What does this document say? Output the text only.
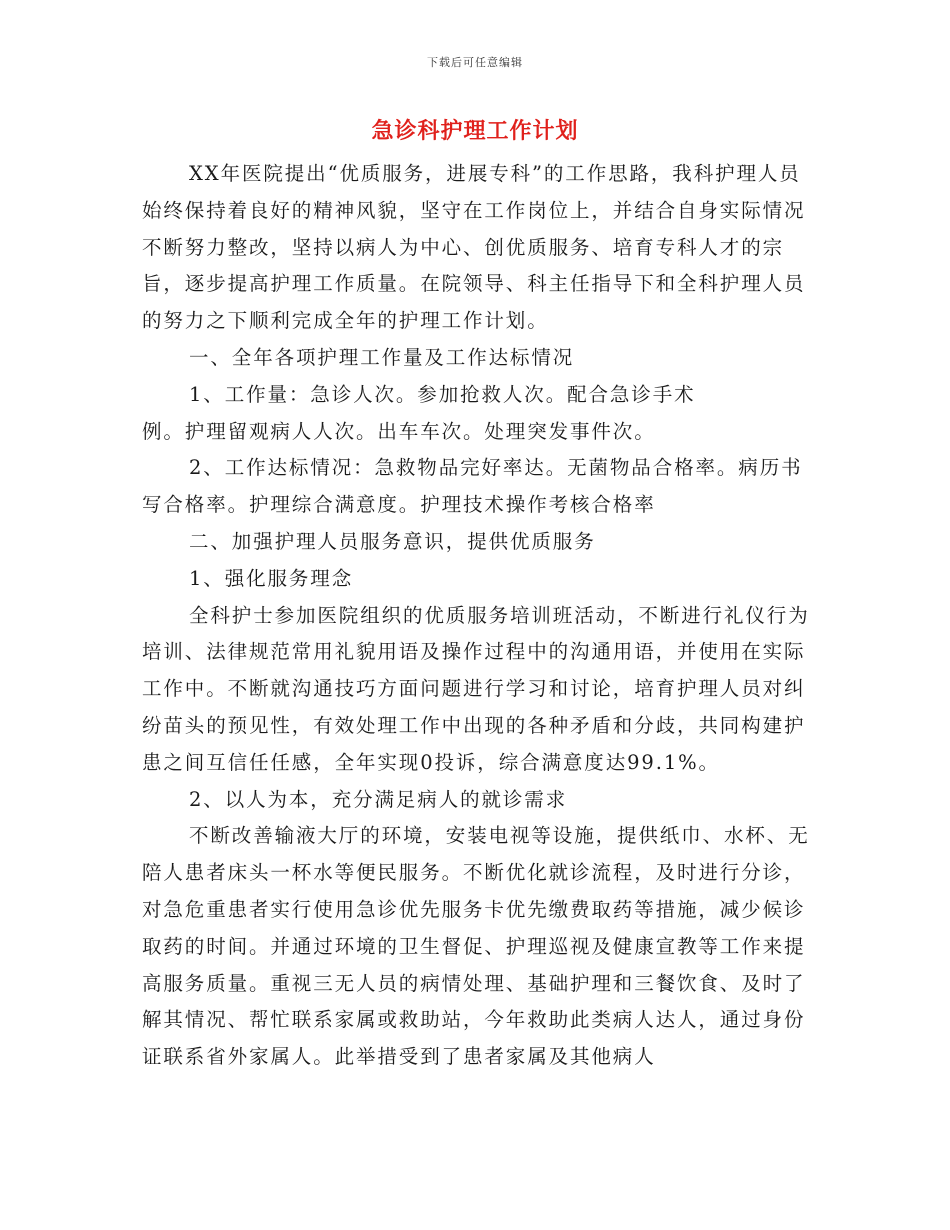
下载后可任意编辑
急诊科护理工作计划

XX年医院提出“优质服务，进展专科”的工作思路，我科护理人员始终保持着良好的精神风貌，坚守在工作岗位上，并结合自身实际情况不断努力整改，坚持以病人为中心、创优质服务、培育专科人才的宗旨，逐步提高护理工作质量。在院领导、科主任指导下和全科护理人员的努力之下顺利完成全年的护理工作计划。

一、全年各项护理工作量及工作达标情况

1、工作量：急诊人次。参加抢救人次。配合急诊手术

例。护理留观病人人次。出车车次。处理突发事件次。

2、工作达标情况：急救物品完好率达。无菌物品合格率。病历书写合格率。护理综合满意度。护理技术操作考核合格率

二、加强护理人员服务意识，提供优质服务

1、强化服务理念

全科护士参加医院组织的优质服务培训班活动，不断进行礼仪行为培训、法律规范常用礼貌用语及操作过程中的沟通用语，并使用在实际工作中。不断就沟通技巧方面问题进行学习和讨论，培育护理人员对纠纷苗头的预见性，有效处理工作中出现的各种矛盾和分歧，共同构建护患之间互信任任感，全年实现0投诉，综合满意度达99.1%。

2、以人为本，充分满足病人的就诊需求

不断改善输液大厅的环境，安装电视等设施，提供纸巾、水杯、无陪人患者床头一杯水等便民服务。不断优化就诊流程，及时进行分诊，对急危重患者实行使用急诊优先服务卡优先缴费取药等措施，减少候诊取药的时间。并通过环境的卫生督促、护理巡视及健康宣教等工作来提高服务质量。重视三无人员的病情处理、基础护理和三餐饮食、及时了解其情况、帮忙联系家属或救助站，今年救助此类病人达人，通过身份证联系省外家属人。此举措受到了患者家属及其他病人
